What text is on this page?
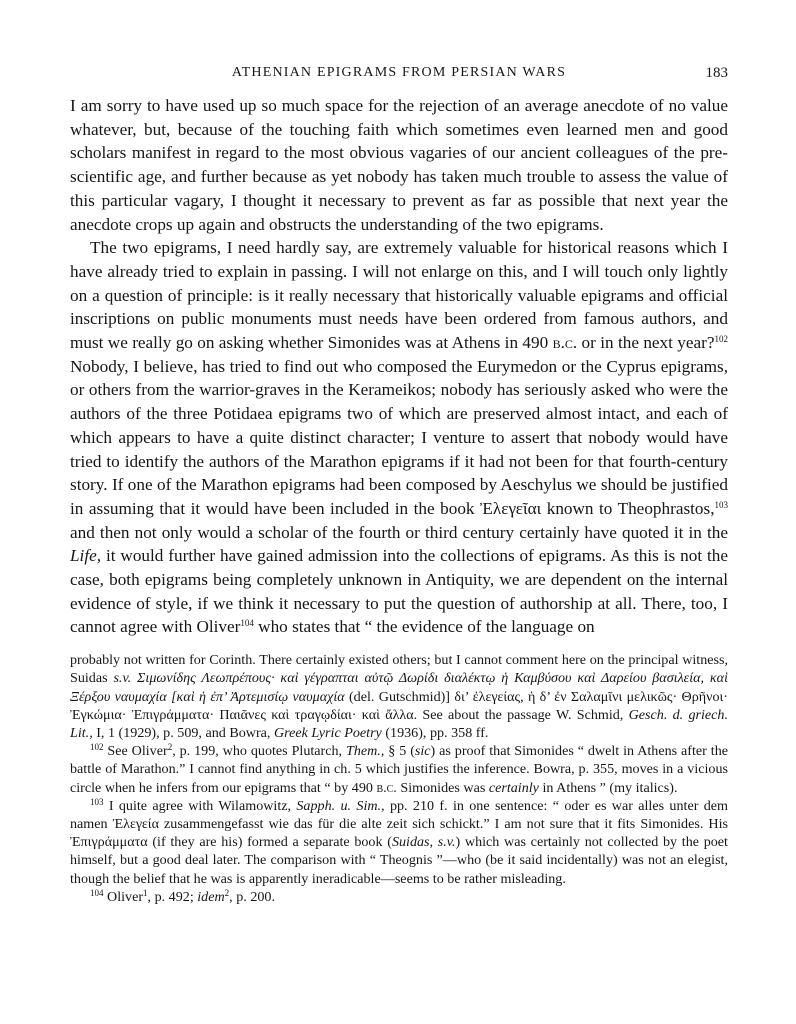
ATHENIAN EPIGRAMS FROM PERSIAN WARS	183

I am sorry to have used up so much space for the rejection of an average anecdote of no value whatever, but, because of the touching faith which sometimes even learned men and good scholars manifest in regard to the most obvious vagaries of our ancient colleagues of the pre-scientific age, and further because as yet nobody has taken much trouble to assess the value of this particular vagary, I thought it necessary to prevent as far as possible that next year the anecdote crops up again and obstructs the understanding of the two epigrams.

The two epigrams, I need hardly say, are extremely valuable for historical reasons which I have already tried to explain in passing. I will not enlarge on this, and I will touch only lightly on a question of principle: is it really necessary that historically valuable epigrams and official inscriptions on public monuments must needs have been ordered from famous authors, and must we really go on asking whether Simonides was at Athens in 490 b.c. or in the next year?$^{102}$ Nobody, I believe, has tried to find out who composed the Eurymedon or the Cyprus epigrams, or others from the warrior-graves in the Kerameikos; nobody has seriously asked who were the authors of the three Potidaea epigrams two of which are preserved almost intact, and each of which appears to have a quite distinct character; I venture to assert that nobody would have tried to identify the authors of the Marathon epigrams if it had not been for that fourth-century story. If one of the Marathon epigrams had been composed by Aeschylus we should be justified in assuming that it would have been included in the book Ἐλεγεῖαι known to Theophrastos,$^{103}$ and then not only would a scholar of the fourth or third century certainly have quoted it in the Life, it would further have gained admission into the collections of epigrams. As this is not the case, both epigrams being completely unknown in Antiquity, we are dependent on the internal evidence of style, if we think it necessary to put the question of authorship at all. There, too, I cannot agree with Oliver$^{104}$ who states that “ the evidence of the language on

probably not written for Corinth. There certainly existed others; but I cannot comment here on the principal witness, Suidas s.v. Σιμωνίδης Λεωπρέπους· καὶ γέγραπται αὐτῷ Δωρίδι διαλέκτῳ ἡ Καμβύσου καὶ Δαρείου βασιλεία, καὶ Ξέρξου ναυμαχία [καὶ ἡ ἐπ’ Ἀρτεμισίῳ ναυμαχία (del. Gutschmid)] δι’ ἐλεγείας, ἡ δ’ ἐν Σαλαμῖνι μελικῶς· Θρῆνοι· Ἐγκώμια· Ἐπιγράμματα· Παιᾶνες καὶ τραγῳδίαι· καὶ ἄλλα. See about the passage W. Schmid, Gesch. d. griech. Lit., I, 1 (1929), p. 509, and Bowra, Greek Lyric Poetry (1936), pp. 358 ff.

$^{102}$ See Oliver$^2$, p. 199, who quotes Plutarch, Them., § 5 (sic) as proof that Simonides “ dwelt in Athens after the battle of Marathon.” I cannot find anything in ch. 5 which justifies the inference. Bowra, p. 355, moves in a vicious circle when he infers from our epigrams that “ by 490 b.c. Simonides was certainly in Athens ” (my italics).

$^{103}$ I quite agree with Wilamowitz, Sapph. u. Sim., pp. 210 f. in one sentence: “ oder es war alles unter dem namen Ἐλεγεία zusammengefasst wie das für die alte zeit sich schickt.” I am not sure that it fits Simonides. His Ἐπιγράμματα (if they are his) formed a separate book (Suidas, s.v.) which was certainly not collected by the poet himself, but a good deal later. The comparison with “ Theognis ”—who (be it said incidentally) was not an elegist, though the belief that he was is apparently ineradicable—seems to be rather misleading.

$^{104}$ Oliver$^1$, p. 492; idem$^2$, p. 200.
